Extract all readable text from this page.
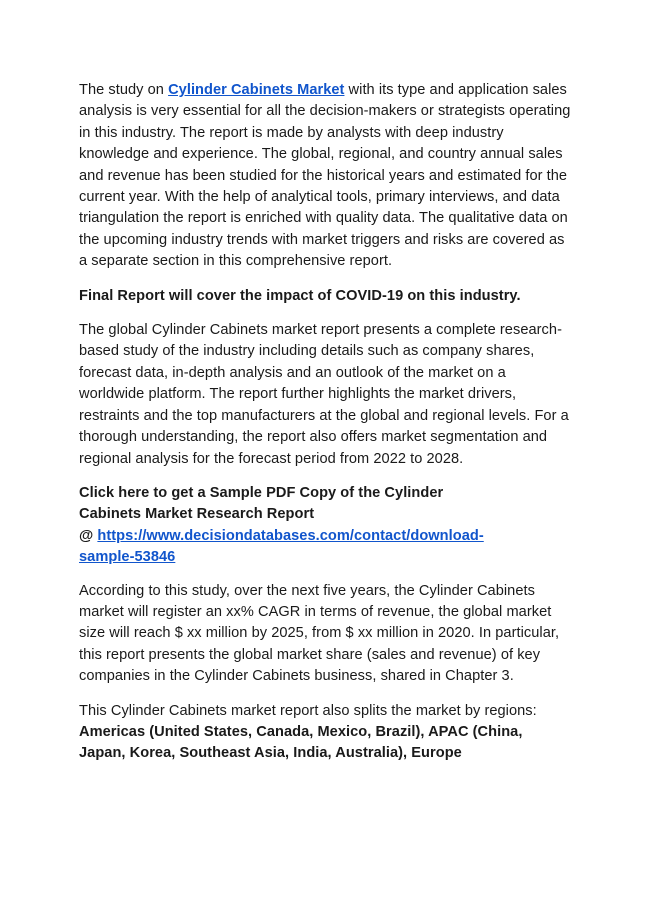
The study on Cylinder Cabinets Market with its type and application sales analysis is very essential for all the decision-makers or strategists operating in this industry. The report is made by analysts with deep industry knowledge and experience. The global, regional, and country annual sales and revenue has been studied for the historical years and estimated for the current year. With the help of analytical tools, primary interviews, and data triangulation the report is enriched with quality data. The qualitative data on the upcoming industry trends with market triggers and risks are covered as a separate section in this comprehensive report.

Final Report will cover the impact of COVID-19 on this industry.

The global Cylinder Cabinets market report presents a complete research-based study of the industry including details such as company shares, forecast data, in-depth analysis and an outlook of the market on a worldwide platform. The report further highlights the market drivers, restraints and the top manufacturers at the global and regional levels. For a thorough understanding, the report also offers market segmentation and regional analysis for the forecast period from 2022 to 2028.

Click here to get a Sample PDF Copy of the Cylinder
Cabinets Market Research Report
@ https://www.decisiondatabases.com/contact/download-
sample-53846

According to this study, over the next five years, the Cylinder Cabinets market will register an xx% CAGR in terms of revenue, the global market size will reach $ xx million by 2025, from $ xx million in 2020. In particular, this report presents the global market share (sales and revenue) of key companies in the Cylinder Cabinets business, shared in Chapter 3.

This Cylinder Cabinets market report also splits the market by regions: Americas (United States, Canada, Mexico, Brazil), APAC (China, Japan, Korea, Southeast Asia, India, Australia), Europe
